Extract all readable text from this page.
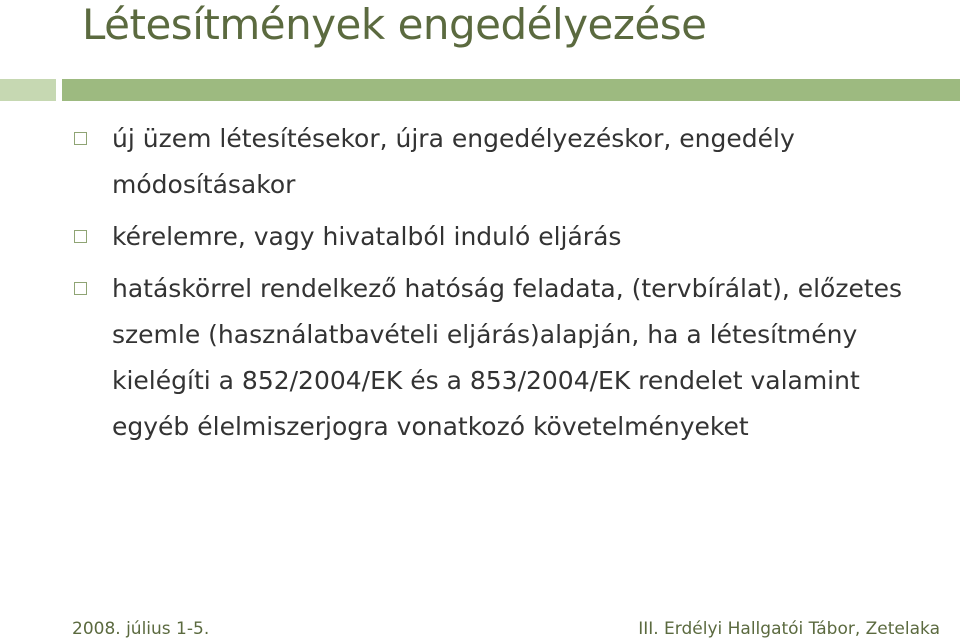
Létesítmények engedélyezése
új üzem létesítésekor, újra engedélyezéskor, engedély módosításakor
kérelemre, vagy hivatalból induló eljárás
hatáskörrel rendelkező hatóság feladata, (tervbírálat), előzetes szemle (használatbavételi eljárás)alapján, ha a létesítmény kielégíti a 852/2004/EK és a 853/2004/EK rendelet valamint egyéb élelmiszerjogra vonatkozó követelményeket
2008. július 1-5.	III. Erdélyi Hallgatói Tábor, Zetelaka
